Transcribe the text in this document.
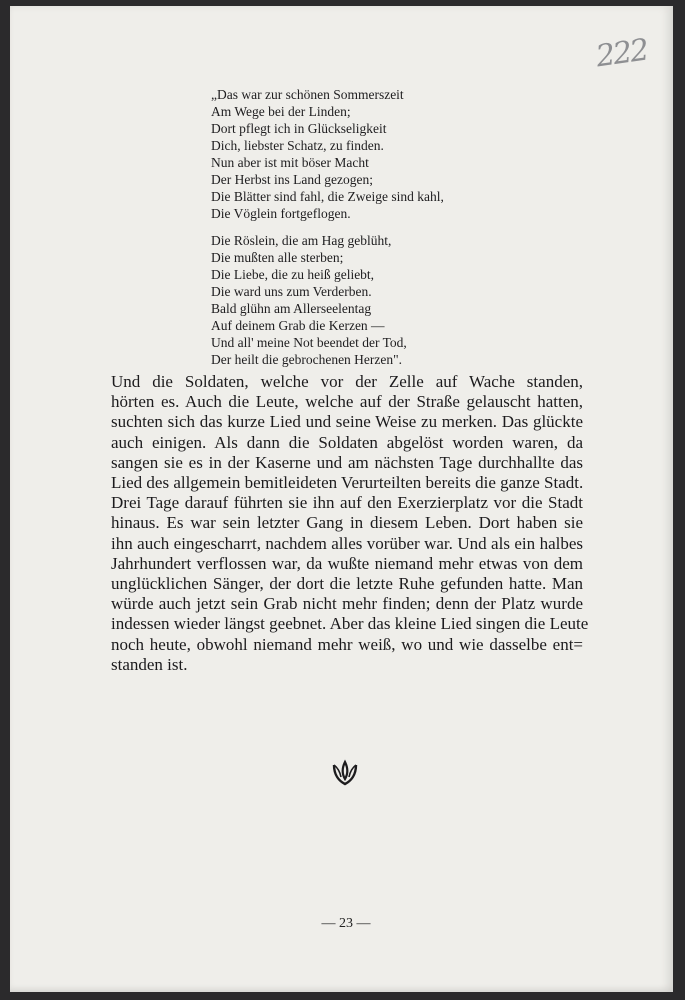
222

„Das war zur schönen Sommerszeit
Am Wege bei der Linden;
Dort pflegt ich in Glückseligkeit
Dich, liebster Schatz, zu finden.
Nun aber ist mit böser Macht
Der Herbst ins Land gezogen;
Die Blätter sind fahl, die Zweige sind kahl,
Die Vöglein fortgeflogen.

Die Röslein, die am Hag geblüht,
Die mußten alle sterben;
Die Liebe, die zu heiß geliebt,
Die ward uns zum Verderben.
Bald glühn am Allerseelentag
Auf deinem Grab die Kerzen —
Und all' meine Not beendet der Tod,
Der heilt die gebrochenen Herzen".

Und die Soldaten, welche vor der Zelle auf Wache standen,
hörten es. Auch die Leute, welche auf der Straße gelauscht hatten,
suchten sich das kurze Lied und seine Weise zu merken. Das glückte
auch einigen. Als dann die Soldaten abgelöst worden waren, da
sangen sie es in der Kaserne und am nächsten Tage durchhallte das
Lied des allgemein bemitleideten Verurteilten bereits die ganze Stadt.
Drei Tage darauf führten sie ihn auf den Exerzierplatz vor die Stadt
hinaus. Es war sein letzter Gang in diesem Leben. Dort haben sie
ihn auch eingescharrt, nachdem alles vorüber war. Und als ein halbes
Jahrhundert verflossen war, da wußte niemand mehr etwas von dem
unglücklichen Sänger, der dort die letzte Ruhe gefunden hatte. Man
würde auch jetzt sein Grab nicht mehr finden; denn der Platz wurde
indessen wieder längst geebnet. Aber das kleine Lied singen die Leute
noch heute, obwohl niemand mehr weiß, wo und wie dasselbe ent=
standen ist.
— 23 —
